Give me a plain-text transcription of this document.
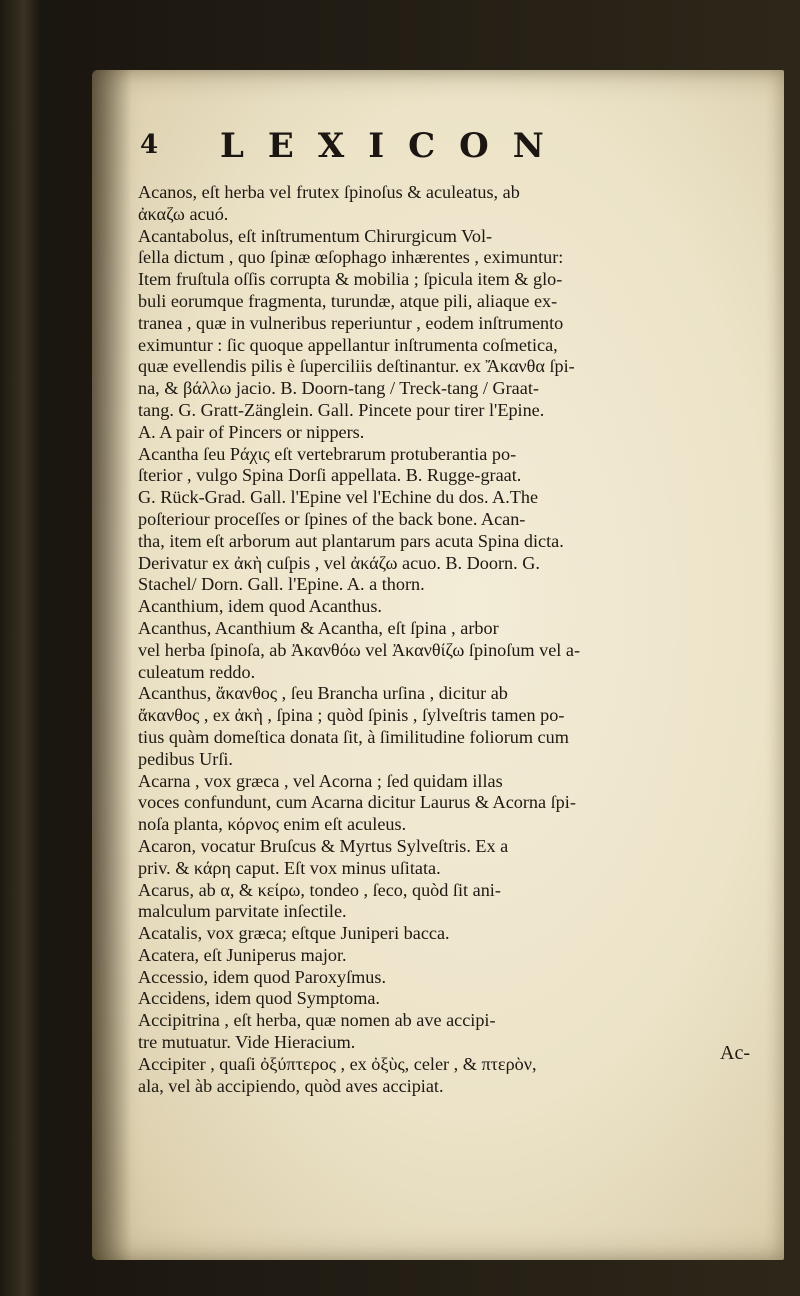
4 LEXICON
Acanos, eſt herba vel frutex ſpinoſus & aculeatus, ab
ἀκαζω acuó.
Acantabolus, eſt inſtrumentum Chirurgicum Vol-
ſella dictum , quo ſpinæ œſophago inhærentes , eximuntur:
Item fruſtula oſſis corrupta & mobilia ; ſpicula item & glo-
buli eorumque fragmenta, turundæ, atque pili, aliaque ex-
tranea , quæ in vulneribus reperiuntur , eodem inſtrumento
eximuntur : ſic quoque appellantur inſtrumenta coſmetica,
quæ evellendis pilis è ſuperciliis deſtinantur. ex Ἄκανθα ſpi-
na, & βάλλω jacio. B. Doorn-tang / Treck-tang / Graat-
tang. G. Gratt-Zänglein. Gall. Pincete pour tirer l'Epine.
A. A pair of Pincers or nippers.
Acantha ſeu Ράχις eſt vertebrarum protuberantia po-
ſterior , vulgo Spina Dorſi appellata. B. Rugge-graat.
G. Rück-Grad. Gall. l'Epine vel l'Echine du dos. A.The
poſteriour proceſſes or ſpines of the back bone. Acan-
tha, item eſt arborum aut plantarum pars acuta Spina dicta.
Derivatur ex ἀκὴ cuſpis , vel ἀκάζω acuo. B. Doorn. G.
Stachel/ Dorn. Gall. l'Epine. A. a thorn.
Acanthium, idem quod Acanthus.
Acanthus, Acanthium & Acantha, eſt ſpina , arbor
vel herba ſpinoſa, ab Ἀκανθόω vel Ἀκανθίζω ſpinoſum vel a-
culeatum reddo.
Acanthus, ἄκανθος , ſeu Brancha urſina , dicitur ab
ἄκανθος , ex ἀκὴ , ſpina ; quòd ſpinis , ſylveſtris tamen po-
tius quàm domeſtica donata ſit, à ſimilitudine foliorum cum
pedibus Urſi.
Acarna , vox græca , vel Acorna ; ſed quidam illas
voces confundunt, cum Acarna dicitur Laurus & Acorna ſpi-
noſa planta, κόρνος enim eſt aculeus.
Acaron, vocatur Bruſcus & Myrtus Sylveſtris. Ex a
priv. & κάρη caput. Eſt vox minus uſitata.
Acarus, ab α, & κείρω, tondeo , ſeco, quòd ſit ani-
malculum parvitate inſectile.
Acatalis, vox græca; eſtque Juniperi bacca.
Acatera, eſt Juniperus major.
Accessio, idem quod Paroxyſmus.
Accidens, idem quod Symptoma.
Accipitrina , eſt herba, quæ nomen ab ave accipi-
tre mutuatur. Vide Hieracium.
Accipiter , quaſi ὀξύπτερος , ex ὀξὺς, celer , & πτερὸν,
ala, vel àb accipiendo, quòd aves accipiat.
Ac-
